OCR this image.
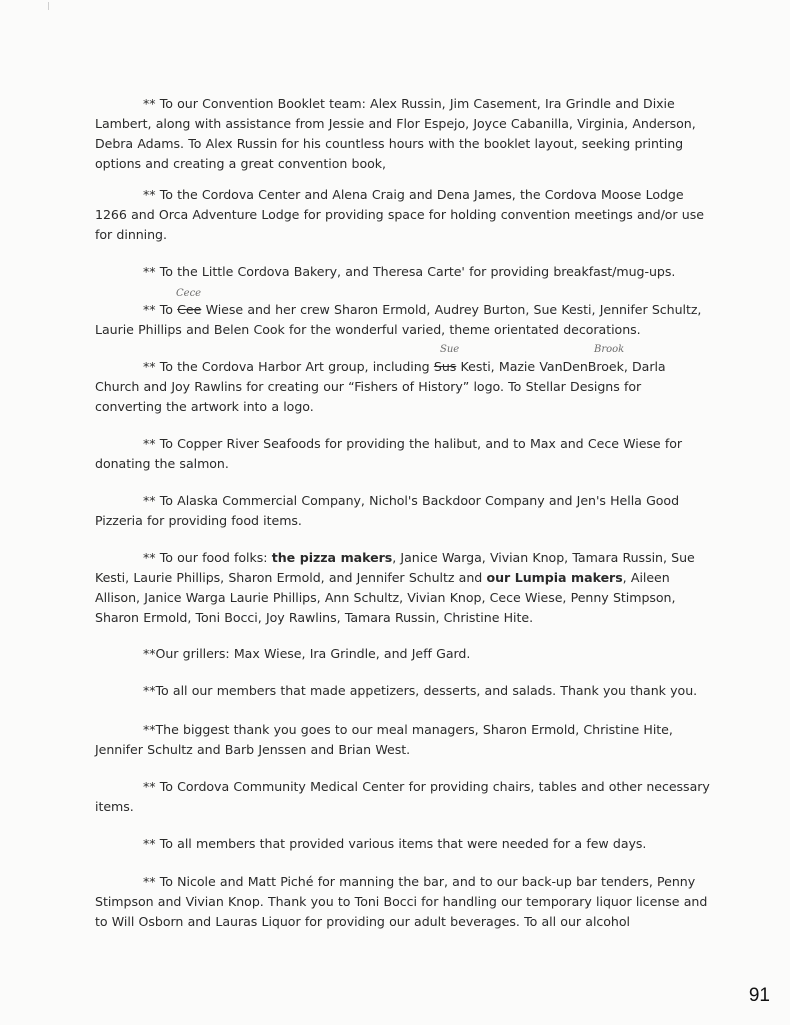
** To our Convention Booklet team: Alex Russin, Jim Casement, Ira Grindle and Dixie Lambert, along with assistance from Jessie and Flor Espejo, Joyce Cabanilla, Virginia, Anderson, Debra Adams. To Alex Russin for his countless hours with the booklet layout, seeking printing options and creating a great convention book,

** To the Cordova Center and Alena Craig and Dena James, the Cordova Moose Lodge 1266 and Orca Adventure Lodge for providing space for holding convention meetings and/or use for dinning.

** To the Little Cordova Bakery, and Theresa Carte' for providing breakfast/mug-ups.

Cece

** To Cee Wiese and her crew Sharon Ermold, Audrey Burton, Sue Kesti, Jennifer Schultz, Laurie Phillips and Belen Cook for the wonderful varied, theme orientated decorations.

Sue	Brook

** To the Cordova Harbor Art group, including Sus Kesti, Mazie VanDenBroek, Darla Church and Joy Rawlins for creating our “Fishers of History” logo. To Stellar Designs for converting the artwork into a logo.

** To Copper River Seafoods for providing the halibut, and to Max and Cece Wiese for donating the salmon.

** To Alaska Commercial Company, Nichol's Backdoor Company and Jen's Hella Good Pizzeria for providing food items.

** To our food folks: the pizza makers, Janice Warga, Vivian Knop, Tamara Russin, Sue Kesti, Laurie Phillips, Sharon Ermold, and Jennifer Schultz and our Lumpia makers, Aileen Allison, Janice Warga Laurie Phillips, Ann Schultz, Vivian Knop, Cece Wiese, Penny Stimpson, Sharon Ermold, Toni Bocci, Joy Rawlins, Tamara Russin, Christine Hite.

**Our grillers: Max Wiese, Ira Grindle, and Jeff Gard.

**To all our members that made appetizers, desserts, and salads. Thank you thank you.

**The biggest thank you goes to our meal managers, Sharon Ermold, Christine Hite, Jennifer Schultz and Barb Jenssen and Brian West.

** To Cordova Community Medical Center for providing chairs, tables and other necessary items.

** To all members that provided various items that were needed for a few days.

** To Nicole and Matt Piché for manning the bar, and to our back-up bar tenders, Penny Stimpson and Vivian Knop. Thank you to Toni Bocci for handling our temporary liquor license and to Will Osborn and Lauras Liquor for providing our adult beverages. To all our alcohol

91
